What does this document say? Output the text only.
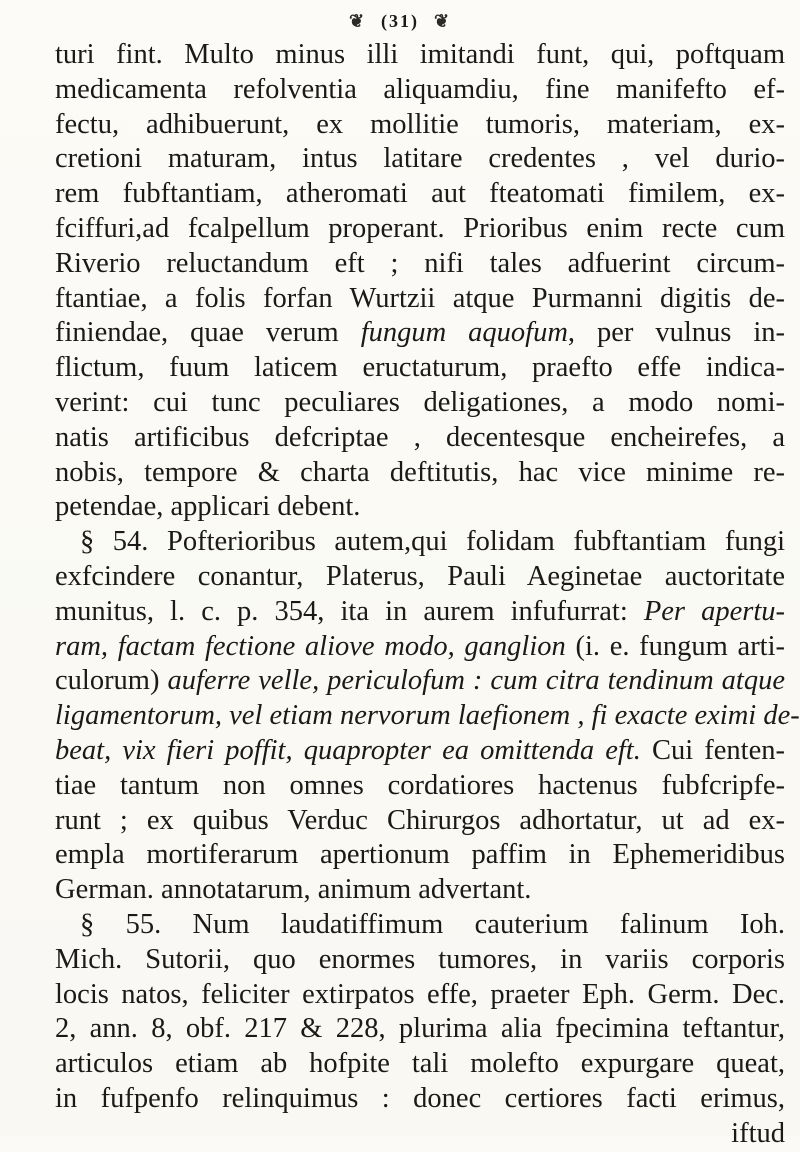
❦ (31) ❦
turi fint. Multo minus illi imitandi funt, qui, poftquam
medicamenta refolventia aliquamdiu, fine manifefto ef-
fectu, adhibuerunt, ex mollitie tumoris, materiam, ex-
cretioni maturam, intus latitare credentes , vel durio-
rem fubftantiam, atheromati aut fteatomati fimilem, ex-
fciffuri,ad fcalpellum properant. Prioribus enim recte cum
Riverio reluctandum eft ; nifi tales adfuerint circum-
ftantiae, a folis forfan Wurtzii atque Purmanni digitis de-
finiendae, quae verum fungum aquofum, per vulnus in-
flictum, fuum laticem eructaturum, praefto effe indica-
verint: cui tunc peculiares deligationes, a modo nomi-
natis artificibus defcriptae , decentesque encheirefes, a
nobis, tempore & charta deftitutis, hac vice minime re-
petendae, applicari debent.
§ 54. Pofterioribus autem,qui folidam fubftantiam fungi
exfcindere conantur, Platerus, Pauli Aeginetae auctoritate
munitus, l. c. p. 354, ita in aurem infufurrat: Per apertu-
ram, factam fectione aliove modo, ganglion (i. e. fungum arti-
culorum) auferre velle, periculofum : cum citra tendinum atque
ligamentorum, vel etiam nervorum laefionem , fi exacte eximi de-
beat, vix fieri poffit, quapropter ea omittenda eft. Cui fenten-
tiae tantum non omnes cordatiores hactenus fubfcripfe-
runt ; ex quibus Verduc Chirurgos adhortatur, ut ad ex-
empla mortiferarum apertionum paffim in Ephemeridibus
German. annotatarum, animum advertant.
§ 55. Num laudatiffimum cauterium falinum Ioh.
Mich. Sutorii, quo enormes tumores, in variis corporis
locis natos, feliciter extirpatos effe, praeter Eph. Germ. Dec.
2, ann. 8, obf. 217 & 228, plurima alia fpecimina teftantur,
articulos etiam ab hofpite tali molefto expurgare queat,
in fufpenfo relinquimus : donec certiores facti erimus,
iftud
